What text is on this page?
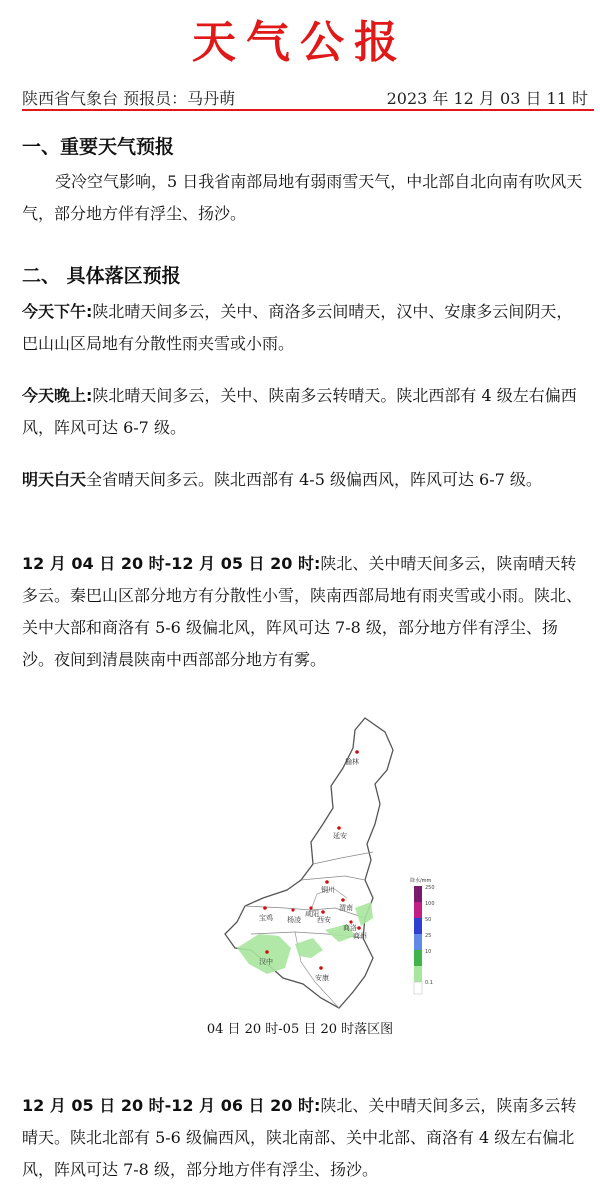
天气公报
陕西省气象台 预报员：马丹萌	2023 年 12 月 03 日 11 时
一、重要天气预报
受冷空气影响，5 日我省南部局地有弱雨雪天气，中北部自北向南有吹风天气，部分地方伴有浮尘、扬沙。
二、 具体落区预报
今天下午:陕北晴天间多云，关中、商洛多云间晴天，汉中、安康多云间阴天，巴山山区局地有分散性雨夹雪或小雨。
今天晚上:陕北晴天间多云，关中、陕南多云转晴天。陕北西部有 4 级左右偏西风，阵风可达 6-7 级。
明天白天全省晴天间多云。陕北西部有 4-5 级偏西风，阵风可达 6-7 级。
12 月 04 日 20 时-12 月 05 日 20 时:陕北、关中晴天间多云，陕南晴天转多云。秦巴山区部分地方有分散性小雪，陕南西部局地有雨夹雪或小雨。陕北、关中大部和商洛有 5-6 级偏北风，阵风可达 7-8 级，部分地方伴有浮尘、扬沙。夜间到清晨陕南中西部部分地方有雾。
榆林
延安
铜川
渭南
宝鸡 杨凌
咸阳
西安
商洛
商州
汉中
安康
降水/mm
250
100
50
25
10
0.1
04 日 20 时-05 日 20 时落区图
12 月 05 日 20 时-12 月 06 日 20 时:陕北、关中晴天间多云，陕南多云转晴天。陕北北部有 5-6 级偏西风，陕北南部、关中北部、商洛有 4 级左右偏北风，阵风可达 7-8 级，部分地方伴有浮尘、扬沙。
